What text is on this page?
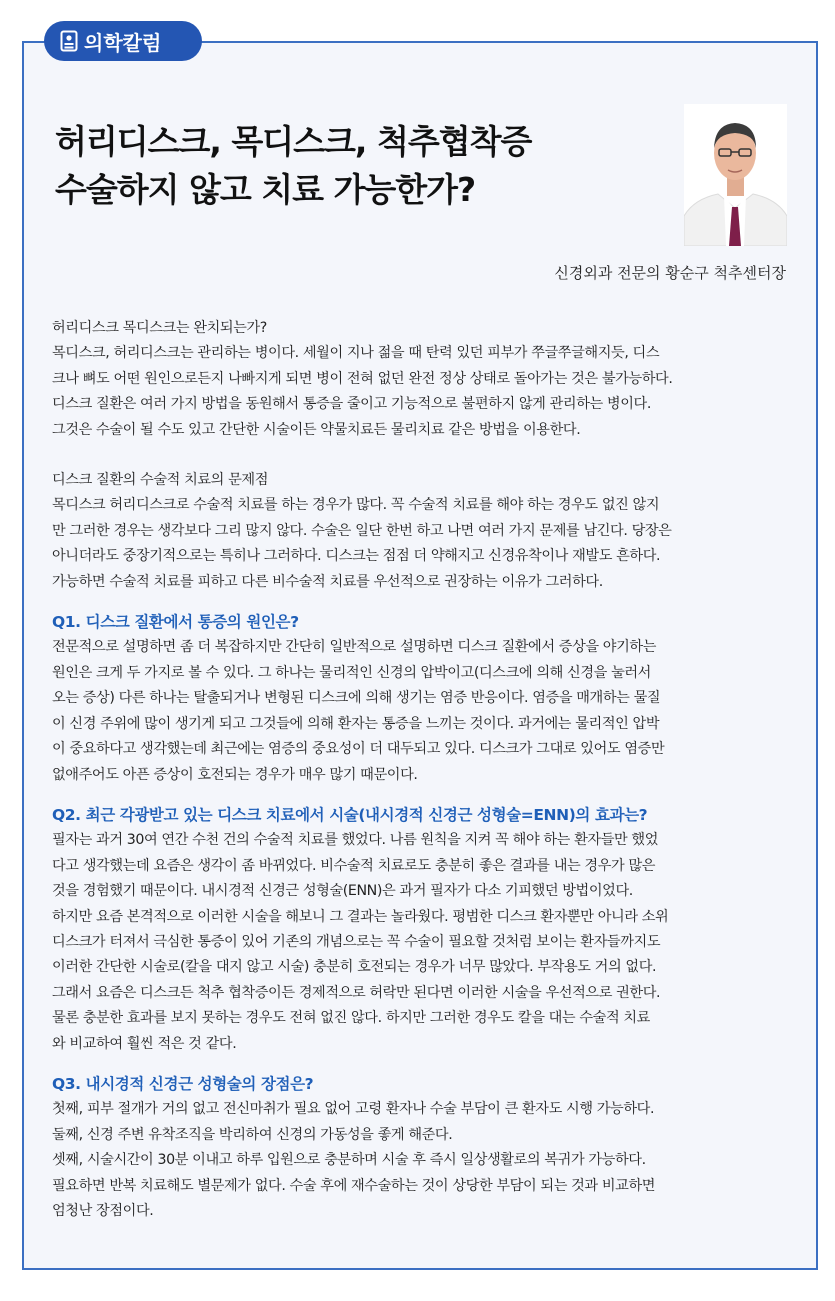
의학칼럼
허리디스크, 목디스크, 척추협착증
수술하지 않고 치료 가능한가?
신경외과 전문의 황순구 척추센터장

허리디스크 목디스크는 완치되는가?

목디스크, 허리디스크는 관리하는 병이다. 세월이 지나 젊을 때 탄력 있던 피부가 쭈글쭈글해지듯, 디스

크나 뼈도 어떤 원인으로든지 나빠지게 되면 병이 전혀 없던 완전 정상 상태로 돌아가는 것은 불가능하다.

디스크 질환은 여러 가지 방법을 동원해서 통증을 줄이고 기능적으로 불편하지 않게 관리하는 병이다.

그것은 수술이 될 수도 있고 간단한 시술이든 약물치료든 물리치료 같은 방법을 이용한다.

디스크 질환의 수술적 치료의 문제점

목디스크 허리디스크로 수술적 치료를 하는 경우가 많다. 꼭 수술적 치료를 해야 하는 경우도 없진 않지

만 그러한 경우는 생각보다 그리 많지 않다. 수술은 일단 한번 하고 나면 여러 가지 문제를 남긴다. 당장은

아니더라도 중장기적으로는 특히나 그러하다. 디스크는 점점 더 약해지고 신경유착이나 재발도 흔하다.

가능하면 수술적 치료를 피하고 다른 비수술적 치료를 우선적으로 권장하는 이유가 그러하다.

Q1. 디스크 질환에서 통증의 원인은?

전문적으로 설명하면 좀 더 복잡하지만 간단히 일반적으로 설명하면 디스크 질환에서 증상을 야기하는

원인은 크게 두 가지로 볼 수 있다. 그 하나는 물리적인 신경의 압박이고(디스크에 의해 신경을 눌러서

오는 증상) 다른 하나는 탈출되거나 변형된 디스크에 의해 생기는 염증 반응이다. 염증을 매개하는 물질

이 신경 주위에 많이 생기게 되고 그것들에 의해 환자는 통증을 느끼는 것이다. 과거에는 물리적인 압박

이 중요하다고 생각했는데 최근에는 염증의 중요성이 더 대두되고 있다. 디스크가 그대로 있어도 염증만

없애주어도 아픈 증상이 호전되는 경우가 매우 많기 때문이다.

Q2. 최근 각광받고 있는 디스크 치료에서 시술(내시경적 신경근 성형술=ENN)의 효과는?

필자는 과거 30여 연간 수천 건의 수술적 치료를 했었다. 나름 원칙을 지켜 꼭 해야 하는 환자들만 했었

다고 생각했는데 요즘은 생각이 좀 바뀌었다. 비수술적 치료로도 충분히 좋은 결과를 내는 경우가 많은

것을 경험했기 때문이다. 내시경적 신경근 성형술(ENN)은 과거 필자가 다소 기피했던 방법이었다.

하지만 요즘 본격적으로 이러한 시술을 해보니 그 결과는 놀라웠다. 평범한 디스크 환자뿐만 아니라 소위

디스크가 터져서 극심한 통증이 있어 기존의 개념으로는 꼭 수술이 필요할 것처럼 보이는 환자들까지도

이러한 간단한 시술로(칼을 대지 않고 시술) 충분히 호전되는 경우가 너무 많았다. 부작용도 거의 없다.

그래서 요즘은 디스크든 척추 협착증이든 경제적으로 허락만 된다면 이러한 시술을 우선적으로 권한다.

물론 충분한 효과를 보지 못하는 경우도 전혀 없진 않다. 하지만 그러한 경우도 칼을 대는 수술적 치료

와 비교하여 훨씬 적은 것 같다.

Q3. 내시경적 신경근 성형술의 장점은?

첫째, 피부 절개가 거의 없고 전신마취가 필요 없어 고령 환자나 수술 부담이 큰 환자도 시행 가능하다.

둘째, 신경 주변 유착조직을 박리하여 신경의 가동성을 좋게 해준다.

셋째, 시술시간이 30분 이내고 하루 입원으로 충분하며 시술 후 즉시 일상생활로의 복귀가 가능하다.

필요하면 반복 치료해도 별문제가 없다. 수술 후에 재수술하는 것이 상당한 부담이 되는 것과 비교하면

엄청난 장점이다.
